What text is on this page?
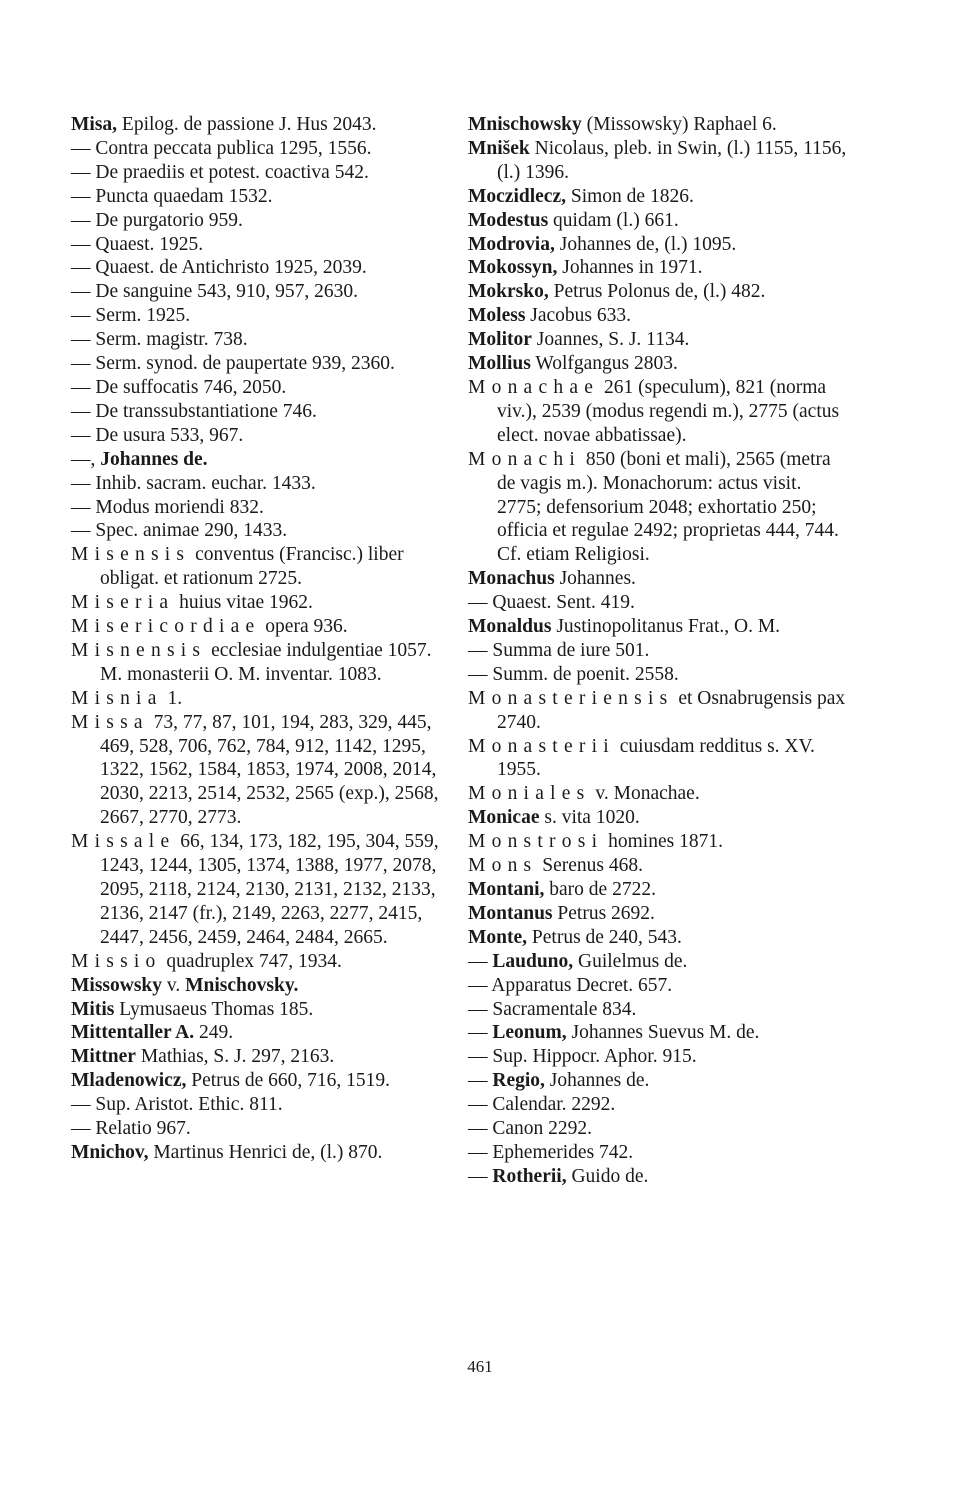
Misa, Epilog. de passione J. Hus 2043.

— Contra peccata publica 1295, 1556.

— De praediis et potest. coactiva 542.

— Puncta quaedam 1532.

— De purgatorio 959.

— Quaest. 1925.

— Quaest. de Antichristo 1925, 2039.

— De sanguine 543, 910, 957, 2630.

— Serm. 1925.

— Serm. magistr. 738.

— Serm. synod. de paupertate 939, 2360.

— De suffocatis 746, 2050.

— De transsubstantiatione 746.

— De usura 533, 967.

—, Johannes de.

— Inhib. sacram. euchar. 1433.

— Modus moriendi 832.

— Spec. animae 290, 1433.

Misensis conventus (Francisc.) liber obligat. et rationum 2725.

Miseria huius vitae 1962.

Misericordiae opera 936.

Misnensis ecclesiae indulgentiae 1057. M. monasterii O. M. inventar. 1083.

Misnia 1.

Missa 73, 77, 87, 101, 194, 283, 329, 445, 469, 528, 706, 762, 784, 912, 1142, 1295, 1322, 1562, 1584, 1853, 1974, 2008, 2014, 2030, 2213, 2514, 2532, 2565 (exp.), 2568, 2667, 2770, 2773.

Missale 66, 134, 173, 182, 195, 304, 559, 1243, 1244, 1305, 1374, 1388, 1977, 2078, 2095, 2118, 2124, 2130, 2131, 2132, 2133, 2136, 2147 (fr.), 2149, 2263, 2277, 2415, 2447, 2456, 2459, 2464, 2484, 2665.

Missio quadruplex 747, 1934.

Missowsky v. Mnischovsky.

Mitis Lymusaeus Thomas 185.

Mittentaller A. 249.

Mittner Mathias, S. J. 297, 2163.

Mladenowicz, Petrus de 660, 716, 1519.

— Sup. Aristot. Ethic. 811.

— Relatio 967.

Mnichov, Martinus Henrici de, (l.) 870.

Mnischowsky (Missowsky) Raphael 6.

Mnišek Nicolaus, pleb. in Swin, (l.) 1155, 1156, (l.) 1396.

Moczidlecz, Simon de 1826.

Modestus quidam (l.) 661.

Modrovia, Johannes de, (l.) 1095.

Mokossyn, Johannes in 1971.

Mokrsko, Petrus Polonus de, (l.) 482.

Moless Jacobus 633.

Molitor Joannes, S. J. 1134.

Mollius Wolfgangus 2803.

Monachae 261 (speculum), 821 (norma viv.), 2539 (modus regendi m.), 2775 (actus elect. novae abbatissae).

Monachi 850 (boni et mali), 2565 (metra de vagis m.). Monachorum: actus visit. 2775; defensorium 2048; exhortatio 250; officia et regulae 2492; proprietas 444, 744. Cf. etiam Religiosi.

Monachus Johannes.

— Quaest. Sent. 419.

Monaldus Justinopolitanus Frat., O. M.

— Summa de iure 501.

— Summ. de poenit. 2558.

Monasteriensis et Osnabrugensis pax 2740.

Monasterii cuiusdam redditus s. XV. 1955.

Moniales v. Monachae.

Monicae s. vita 1020.

Monstrosi homines 1871.

Mons Serenus 468.

Montani, baro de 2722.

Montanus Petrus 2692.

Monte, Petrus de 240, 543.

— Lauduno, Guilelmus de.

— Apparatus Decret. 657.

— Sacramentale 834.

— Leonum, Johannes Suevus M. de.

— Sup. Hippocr. Aphor. 915.

— Regio, Johannes de.

— Calendar. 2292.

— Canon 2292.

— Ephemerides 742.

— Rotherii, Guido de.

461
